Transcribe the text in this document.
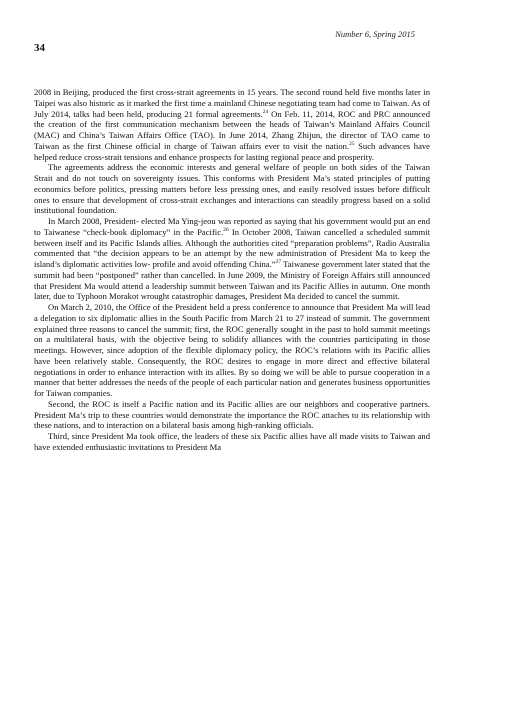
Number 6, Spring 2015
34

2008 in Beijing, produced the first cross-strait agreements in 15 years. The second round held five months later in Taipei was also historic as it marked the first time a mainland Chinese negotiating team had come to Taiwan. As of July 2014, talks had been held, producing 21 formal agreements.$^{24}$ On Feb. 11, 2014, ROC and PRC announced the creation of the first communication mechanism between the heads of Taiwan’s Mainland Affairs Council (MAC) and China’s Taiwan Affairs Office (TAO). In June 2014, Zhang Zhijun, the director of TAO came to Taiwan as the first Chinese official in charge of Taiwan affairs ever to visit the nation.$^{25}$ Such advances have helped reduce cross-strait tensions and enhance prospects for lasting regional peace and prosperity.

The agreements address the economic interests and general welfare of people on both sides of the Taiwan Strait and do not touch on sovereignty issues. This conforms with President Ma’s stated principles of putting economics before politics, pressing matters before less pressing ones, and easily resolved issues before difficult ones to ensure that development of cross-strait exchanges and interactions can steadily progress based on a solid institutional foundation.

In March 2008, President- elected Ma Ying-jeou was reported as saying that his government would put an end to Taiwanese “check-book diplomacy” in the Pacific.$^{26}$ In October 2008, Taiwan cancelled a scheduled summit between itself and its Pacific Islands allies. Although the authorities cited “preparation problems”, Radio Australia commented that “the decision appears to be an attempt by the new administration of President Ma to keep the island’s diplomatic activities low- profile and avoid offending China.”$^{27}$ Taiwanese government later stated that the summit had been “postponed” rather than cancelled. In June 2009, the Ministry of Foreign Affairs still announced that President Ma would attend a leadership summit between Taiwan and its Pacific Allies in autumn. One month later, due to Typhoon Morakot wrought catastrophic damages, President Ma decided to cancel the summit.

On March 2, 2010, the Office of the President held a press conference to announce that President Ma will lead a delegation to six diplomatic allies in the South Pacific from March 21 to 27 instead of summit. The government explained three reasons to cancel the summit; first, the ROC generally sought in the past to hold summit meetings on a multilateral basis, with the objective being to solidify alliances with the countries participating in those meetings. However, since adoption of the flexible diplomacy policy, the ROC’s relations with its Pacific allies have been relatively stable. Consequently, the ROC desires to engage in more direct and effective bilateral negotiations in order to enhance interaction with its allies. By so doing we will be able to pursue cooperation in a manner that better addresses the needs of the people of each particular nation and generates business opportunities for Taiwan companies.

Second, the ROC is itself a Pacific nation and its Pacific allies are our neighbors and cooperative partners. President Ma’s trip to these countries would demonstrate the importance the ROC attaches to its relationship with these nations, and to interaction on a bilateral basis among high-ranking officials.

Third, since President Ma took office, the leaders of these six Pacific allies have all made visits to Taiwan and have extended enthusiastic invitations to President Ma
